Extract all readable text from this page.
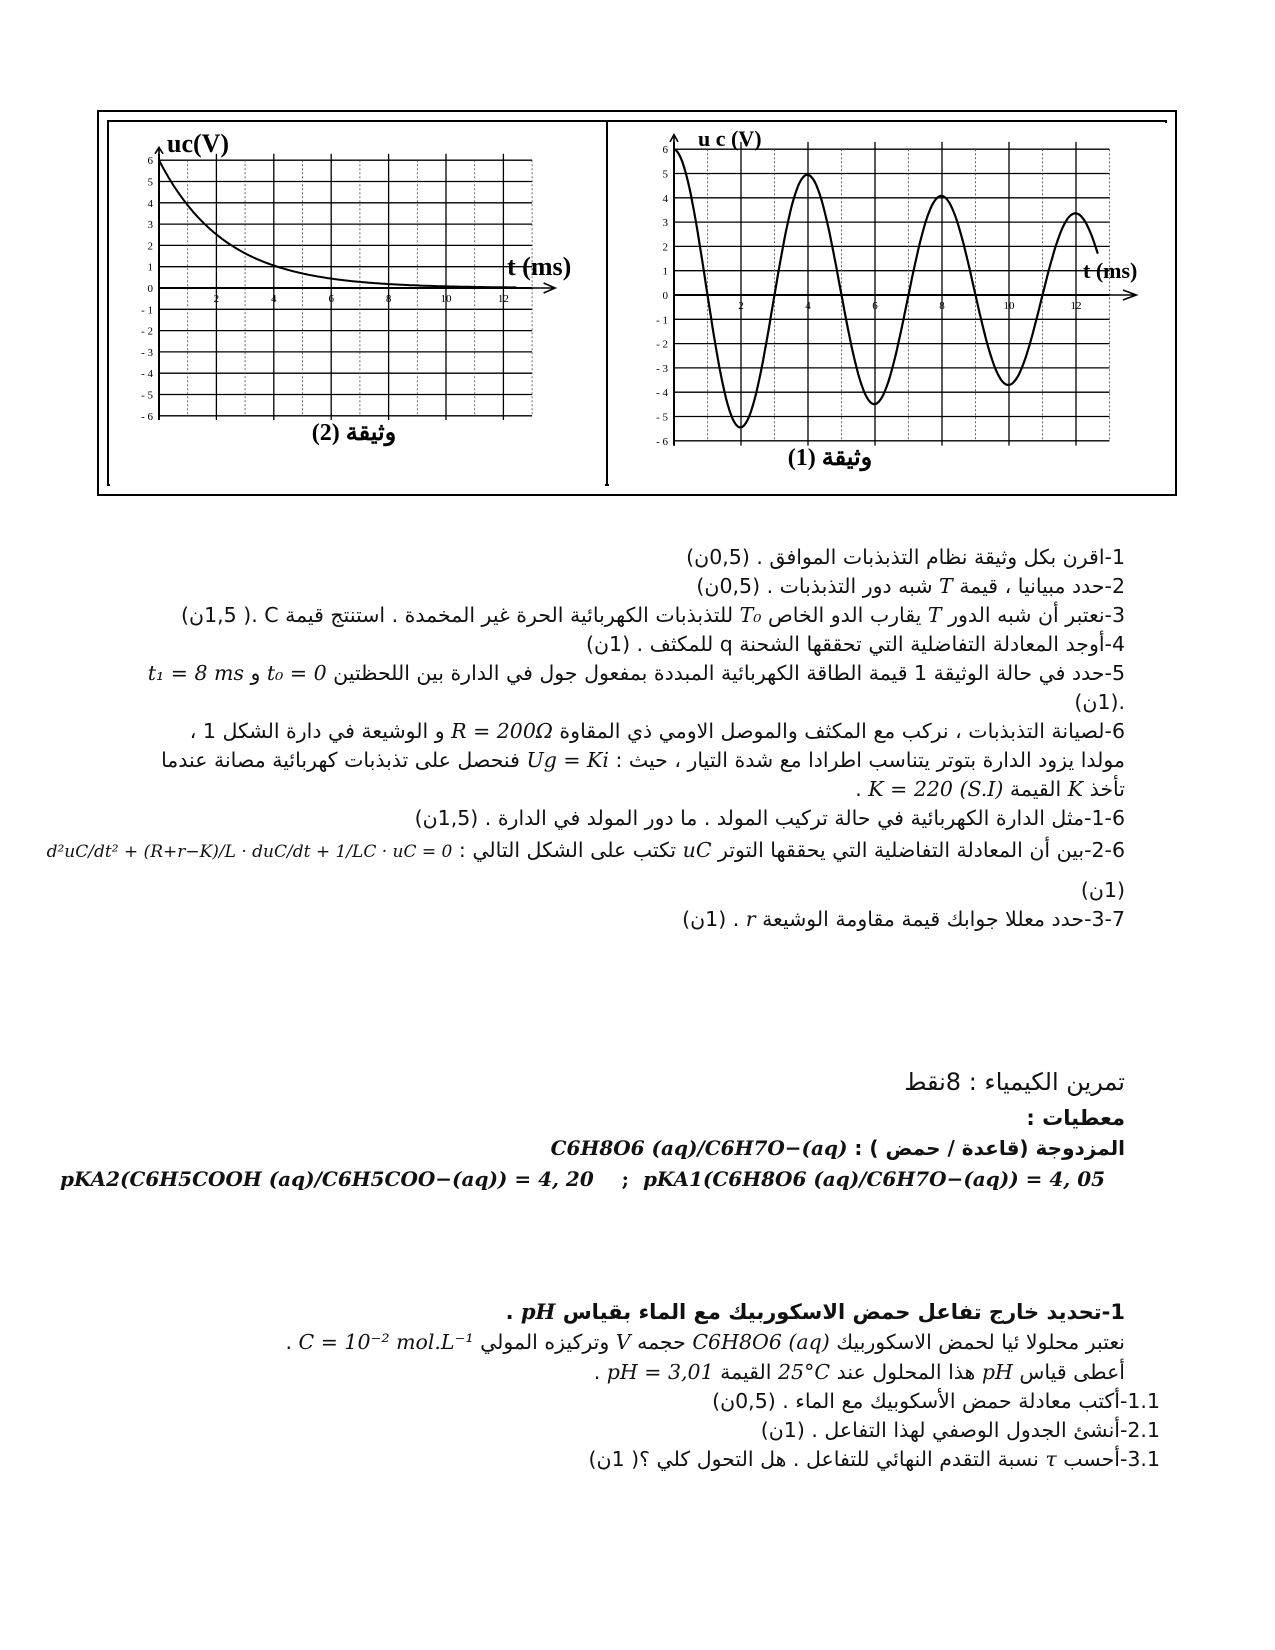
6
5
4
3
2
1
0
- 1
- 2
- 3
- 4
- 5
- 6
2	4	6	8	10	12
uc(V)
t (ms)
وثيقة (2)
6
5
4
3
2
1
0
- 1
- 2
- 3
- 4
- 5
- 6
2	4	6	8	10	12
u c (V)
t (ms)
وثيقة (1)
1-اقرن بكل وثيقة نظام التذبذبات الموافق . (0,5ن)
2-حدد مبيانيا ، قيمة T شبه دور التذبذبات . (0,5ن)
3-نعتبر أن شبه الدور T يقارب الدو الخاص T₀ للتذبذبات الكهربائية الحرة غير المخمدة . استنتج قيمة C .( 1,5ن)
4-أوجد المعادلة التفاضلية التي تحققها الشحنة q للمكثف . (1ن)
5-حدد في حالة الوثيقة 1 قيمة الطاقة الكهربائية المبددة بمفعول جول في الدارة بين اللحظتين t₀ = 0 و t₁ = 8 ms
.(1ن)
6-لصيانة التذبذبات ، نركب مع المكثف والموصل الاومي ذي المقاوة R = 200Ω و الوشيعة في دارة الشكل 1 ،
مولدا يزود الدارة بتوتر يتناسب اطرادا مع شدة التيار ، حيث : Ug = Ki فنحصل على تذبذبات كهربائية مصانة عندما
تأخذ K القيمة K = 220 (S.I) .
1-6-مثل الدارة الكهربائية في حالة تركيب المولد . ما دور المولد في الدارة . (1,5ن)
2-6-بين أن المعادلة التفاضلية التي يحققها التوتر uC تكتب على الشكل التالي : d²uC/dt² + (R+r−K)/L · duC/dt + 1/LC · uC = 0
(1ن)
3-7-حدد معللا جوابك قيمة مقاومة الوشيعة r . (1ن)
تمرين الكيمياء : 8نقط
معطيات :
المزدوجة (قاعدة / حمض ) : C6H8O6 (aq)/C6H7O−(aq)
pKA2(C6H5COOH (aq)/C6H5COO−(aq)) = 4, 20 ; pKA1(C6H8O6 (aq)/C6H7O−(aq)) = 4, 05
1-تحديد خارج تفاعل حمض الاسكوربيك مع الماء بقياس pH .
نعتبر محلولا ئيا لحمض الاسكوربيك C6H8O6 (aq) حجمه V وتركيزه المولي C = 10⁻² mol.L⁻¹ .
أعطى قياس pH هذا المحلول عند 25°C القيمة pH = 3,01 .
1.1-أكتب معادلة حمض الأسكوبيك مع الماء . (0,5ن)
2.1-أنشئ الجدول الوصفي لهذا التفاعل . (1ن)
3.1-أحسب τ نسبة التقدم النهائي للتفاعل . هل التحول كلي ؟( 1ن)
